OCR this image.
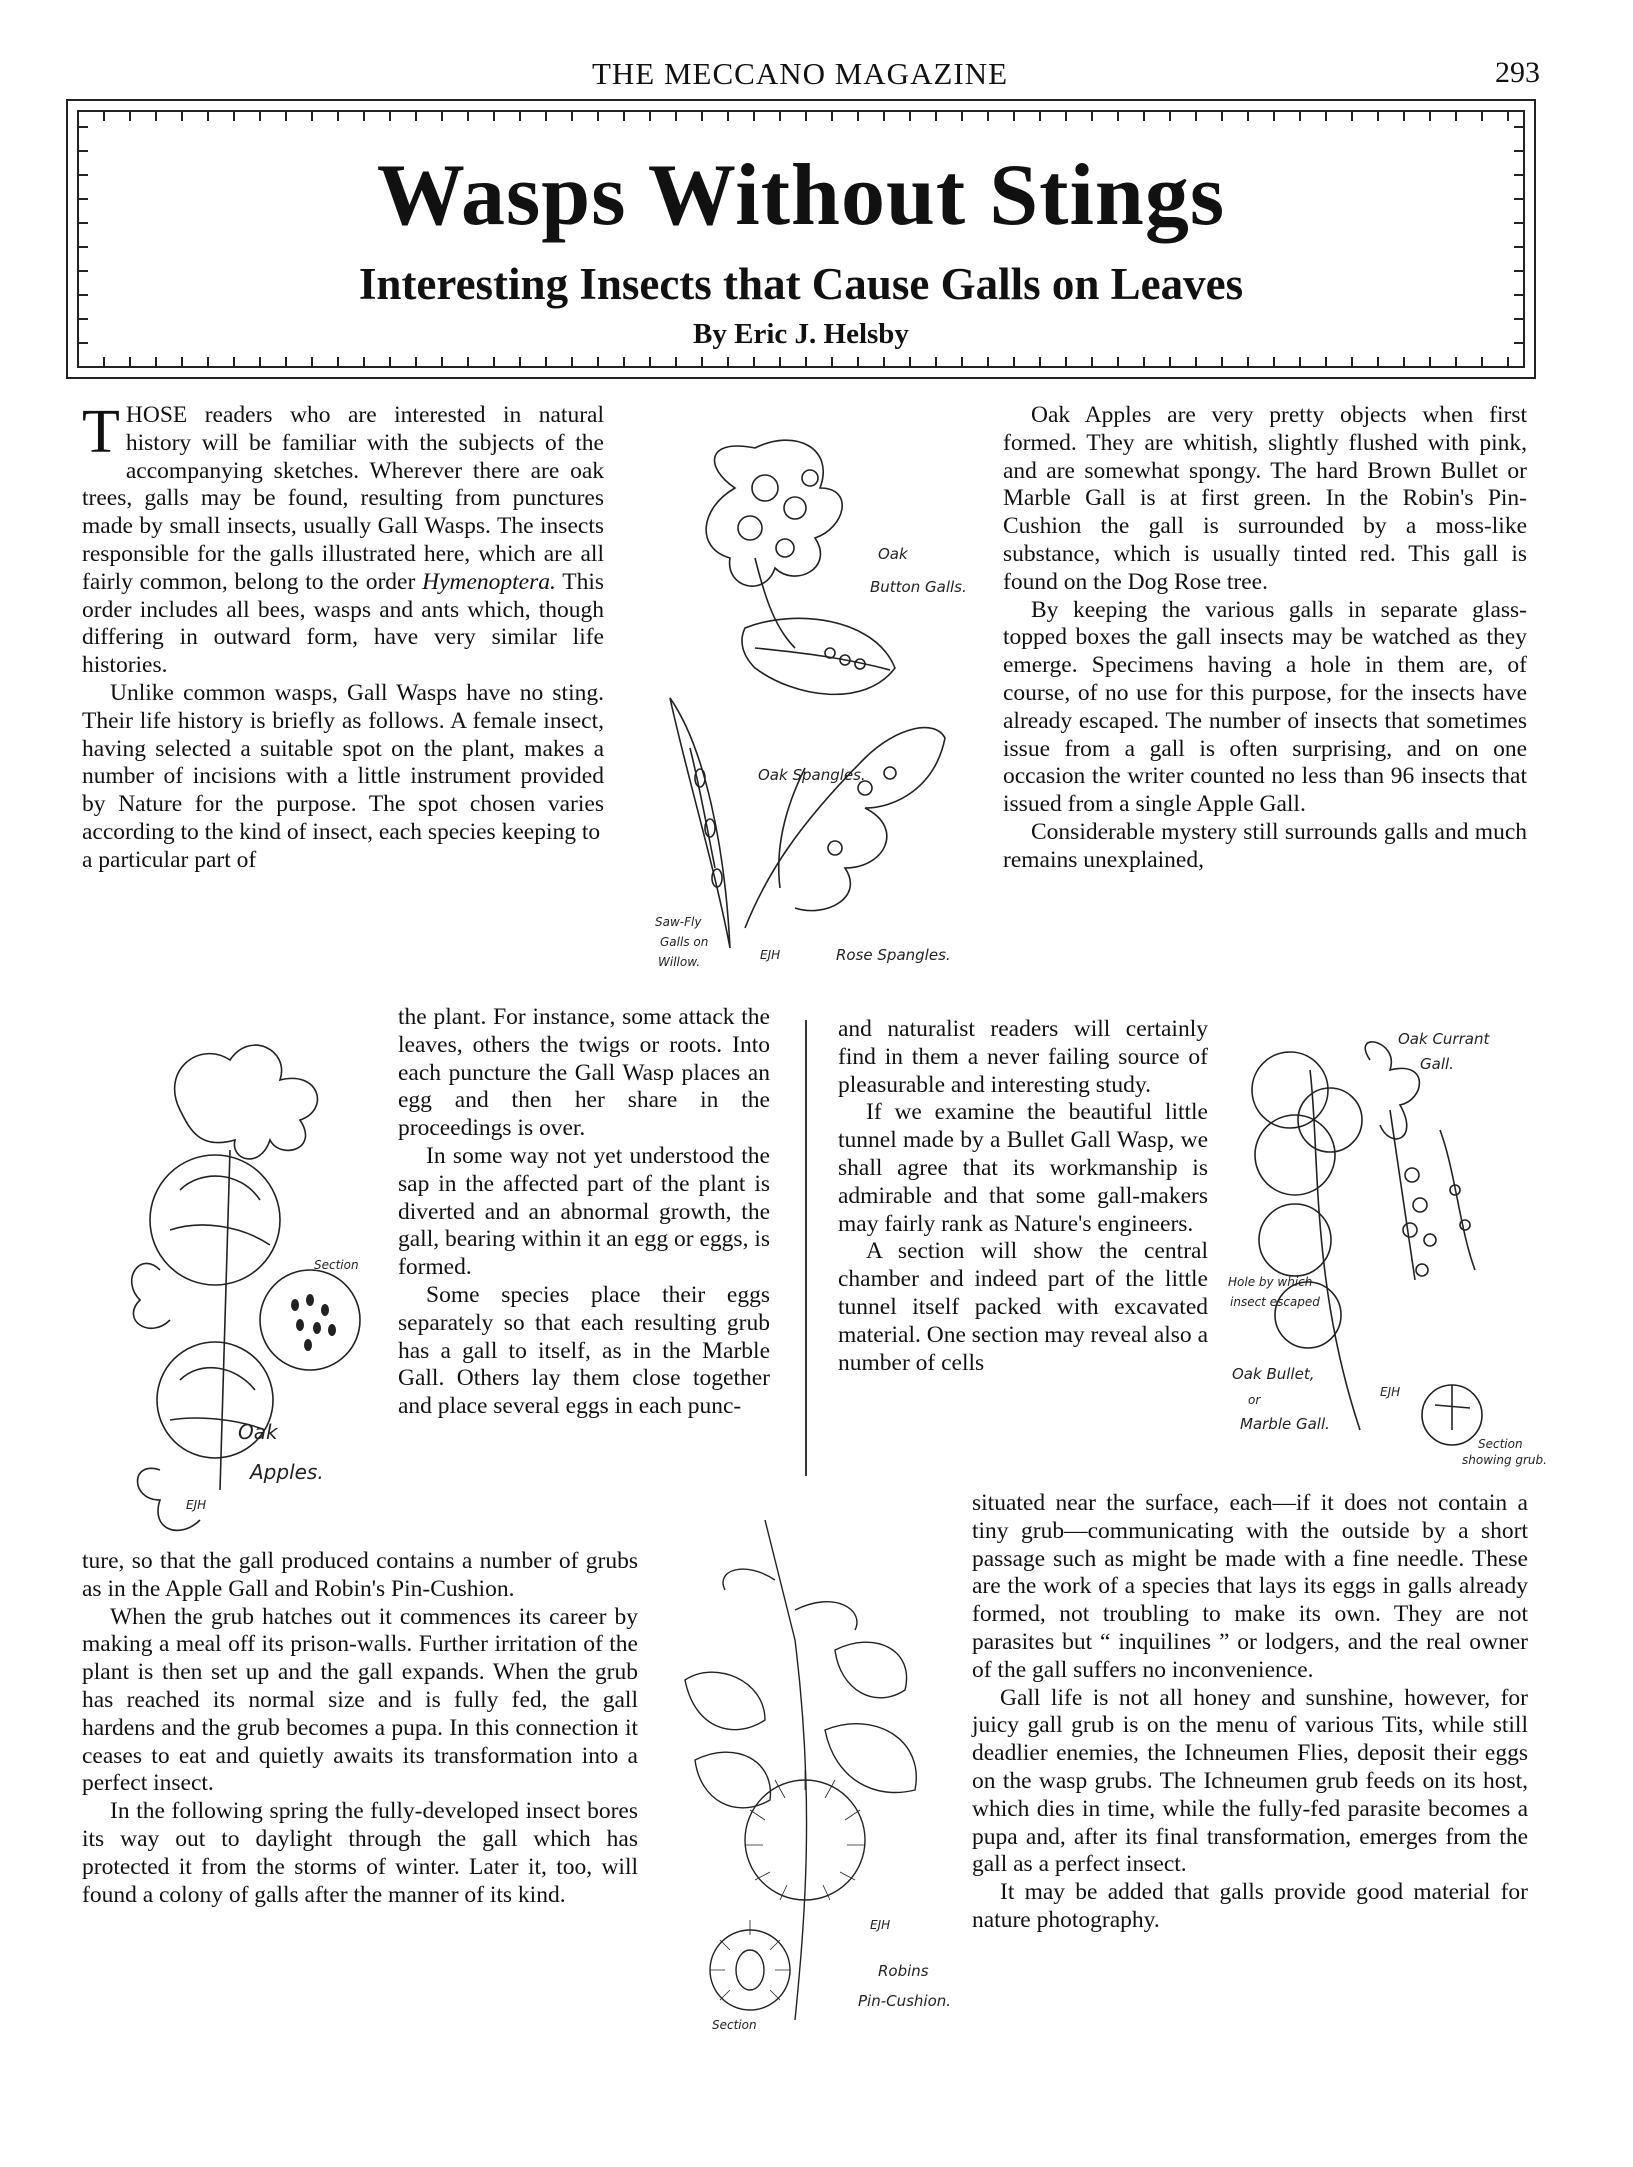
THE MECCANO MAGAZINE	293
Wasps Without Stings
Interesting Insects that Cause Galls on Leaves
By Eric J. Helsby

THOSE readers who are interested in natural history will be familiar with the subjects of the accompanying sketches. Wherever there are oak trees, galls may be found, resulting from punctures made by small insects, usually Gall Wasps. The insects responsible for the galls illustrated here, which are all fairly common, belong to the order Hymenoptera. This order includes all bees, wasps and ants which, though differing in outward form, have very similar life histories.

Unlike common wasps, Gall Wasps have no sting. Their life history is briefly as follows. A female insect, having selected a suitable spot on the plant, makes a number of incisions with a little instrument provided by Nature for the purpose. The spot chosen varies according to the kind of insect, each species keeping to

a particular part of

the plant. For instance, some attack the leaves, others the twigs or roots. Into each puncture the Gall Wasp places an egg and then her share in the proceedings is over.

In some way not yet understood the sap in the affected part of the plant is diverted and an abnormal growth, the gall, bearing within it an egg or eggs, is formed.

Some species place their eggs separately so that each resulting grub has a gall to itself, as in the Marble Gall. Others lay them close together and place several eggs in each punc-

ture, so that the gall produced contains a number of grubs as in the Apple Gall and Robin's Pin-Cushion.

When the grub hatches out it commences its career by making a meal off its prison-walls. Further irritation of the plant is then set up and the gall expands. When the grub has reached its normal size and is fully fed, the gall hardens and the grub becomes a pupa. In this connection it ceases to eat and quietly awaits its transformation into a perfect insect.

In the following spring the fully-developed insect bores its way out to daylight through the gall which has protected it from the storms of winter. Later it, too, will found a colony of galls after the manner of its kind.

Oak Apples are very pretty objects when first formed. They are whitish, slightly flushed with pink, and are somewhat spongy. The hard Brown Bullet or Marble Gall is at first green. In the Robin's Pin-Cushion the gall is surrounded by a moss-like substance, which is usually tinted red. This gall is found on the Dog Rose tree.

By keeping the various galls in separate glass-topped boxes the gall insects may be watched as they emerge. Specimens having a hole in them are, of course, of no use for this purpose, for the insects have already escaped. The number of insects that sometimes issue from a gall is often surprising, and on one occasion the writer counted no less than 96 insects that issued from a single Apple Gall.

Considerable mystery still surrounds galls and much remains unexplained,

and naturalist readers will certainly find in them a never failing source of pleasurable and interesting study.

If we examine the beautiful little tunnel made by a Bullet Gall Wasp, we shall agree that its workmanship is admirable and that some gall-makers may fairly rank as Nature's engineers.

A section will show the central chamber and indeed part of the little tunnel itself packed with excavated material. One section may reveal also a number of cells

situated near the surface, each—if it does not contain a tiny grub—communicating with the outside by a short passage such as might be made with a fine needle. These are the work of a species that lays its eggs in galls already formed, not troubling to make its own. They are not parasites but “ inquilines ” or lodgers, and the real owner of the gall suffers no inconvenience.

Gall life is not all honey and sunshine, however, for juicy gall grub is on the menu of various Tits, while still deadlier enemies, the Ichneumen Flies, deposit their eggs on the wasp grubs. The Ichneumen grub feeds on its host, which dies in time, while the fully-fed parasite becomes a pupa and, after its final transformation, emerges from the gall as a perfect insect.

It may be added that galls provide good material for nature photography.

Oak
Button Galls.
Oak Spangles.
Saw-Fly
Galls on
Willow.	Rose Spangles.
EJH
Section
Oak
Apples.
EJH
Oak Currant
Gall.
Hole by which
insect escaped
Oak Bullet,
or
Marble Gall.
EJH
Section
showing grub.
EJH
Robins
Pin-Cushion.
Section
